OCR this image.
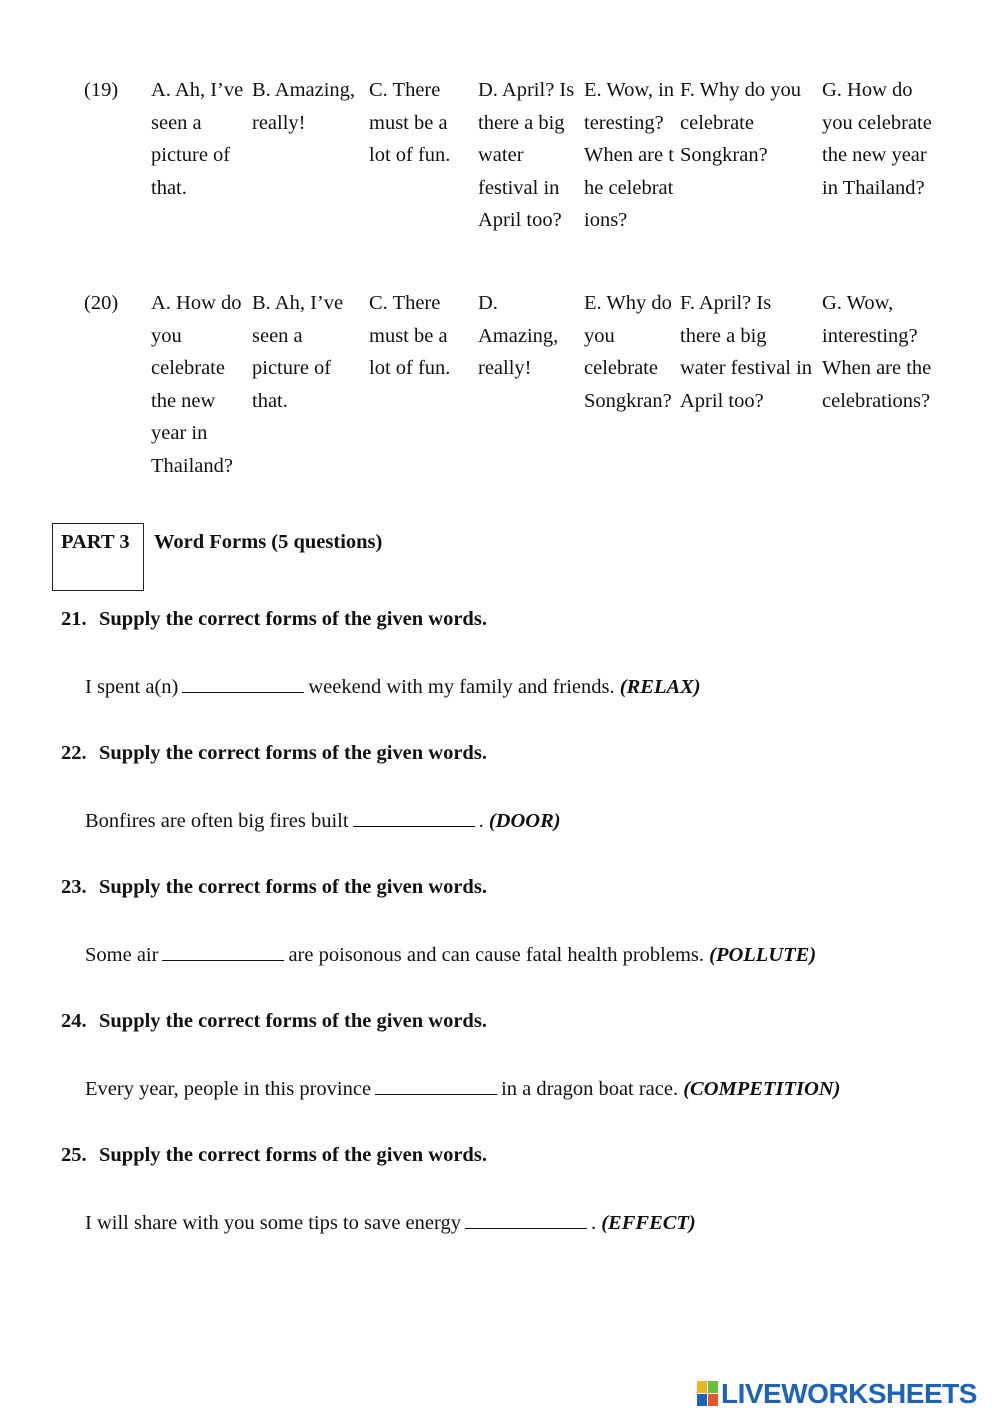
(19) A. Ah, I’ve seen a picture of that.
B. Amazing, really!
C. There must be a lot of fun.
D. April? Is there a big water festival in April too?
E. Wow, interesting? When are the celebrations?
F. Why do you celebrate Songkran?
G. How do you celebrate the new year in Thailand?
(20) A. How do you celebrate the new year in Thailand?
B. Ah, I’ve seen a picture of that.
C. There must be a lot of fun.
D. Amazing, really!
E. Why do you celebrate Songkran?
F. April? Is there a big water festival in April too?
G. Wow, interesting? When are the celebrations?
PART 3 Word Forms (5 questions)
21. Supply the correct forms of the given words.
I spent a(n)	weekend with my family and friends. (RELAX)
22. Supply the correct forms of the given words.
Bonfires are often big fires built	. (DOOR)
23. Supply the correct forms of the given words.
Some air	are poisonous and can cause fatal health problems. (POLLUTE)
24. Supply the correct forms of the given words.
Every year, people in this province	in a dragon boat race. (COMPETITION)
25. Supply the correct forms of the given words.
I will share with you some tips to save energy	. (EFFECT)
LIVEWORKSHEETS
